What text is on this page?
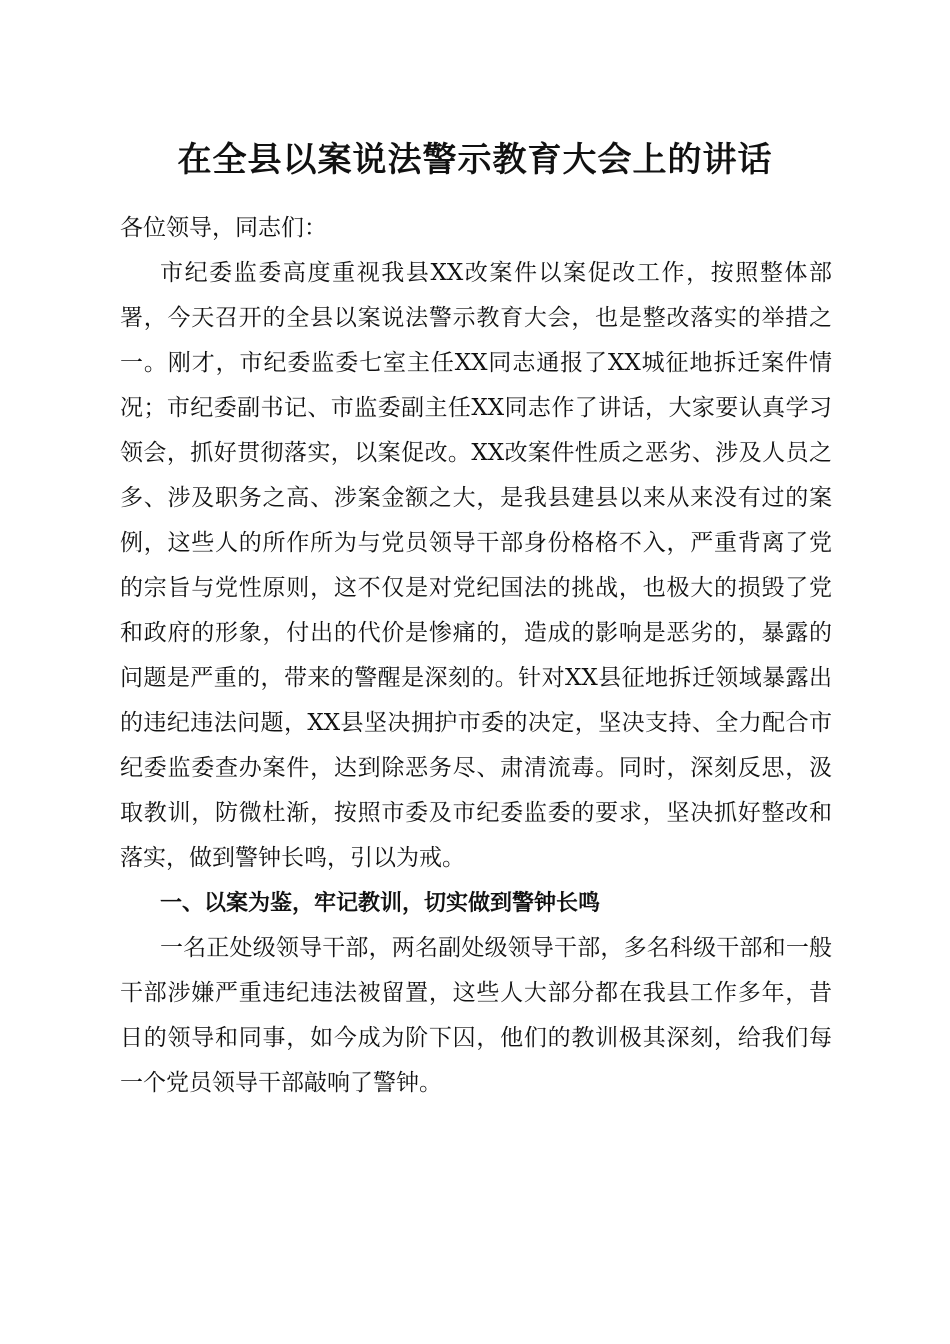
在全县以案说法警示教育大会上的讲话

各位领导，同志们：

市纪委监委高度重视我县XX改案件以案促改工作，按照整体部署，今天召开的全县以案说法警示教育大会，也是整改落实的举措之一。刚才，市纪委监委七室主任XX同志通报了XX城征地拆迁案件情况；市纪委副书记、市监委副主任XX同志作了讲话，大家要认真学习领会，抓好贯彻落实，以案促改。XX改案件性质之恶劣、涉及人员之多、涉及职务之高、涉案金额之大，是我县建县以来从来没有过的案例，这些人的所作所为与党员领导干部身份格格不入，严重背离了党的宗旨与党性原则，这不仅是对党纪国法的挑战，也极大的损毁了党和政府的形象，付出的代价是惨痛的，造成的影响是恶劣的，暴露的问题是严重的，带来的警醒是深刻的。针对XX县征地拆迁领域暴露出的违纪违法问题，XX县坚决拥护市委的决定，坚决支持、全力配合市纪委监委查办案件，达到除恶务尽、肃清流毒。同时，深刻反思，汲取教训，防微杜渐，按照市委及市纪委监委的要求，坚决抓好整改和落实，做到警钟长鸣，引以为戒。

一、以案为鉴，牢记教训，切实做到警钟长鸣

一名正处级领导干部，两名副处级领导干部，多名科级干部和一般干部涉嫌严重违纪违法被留置，这些人大部分都在我县工作多年，昔日的领导和同事，如今成为阶下囚，他们的教训极其深刻，给我们每一个党员领导干部敲响了警钟。
